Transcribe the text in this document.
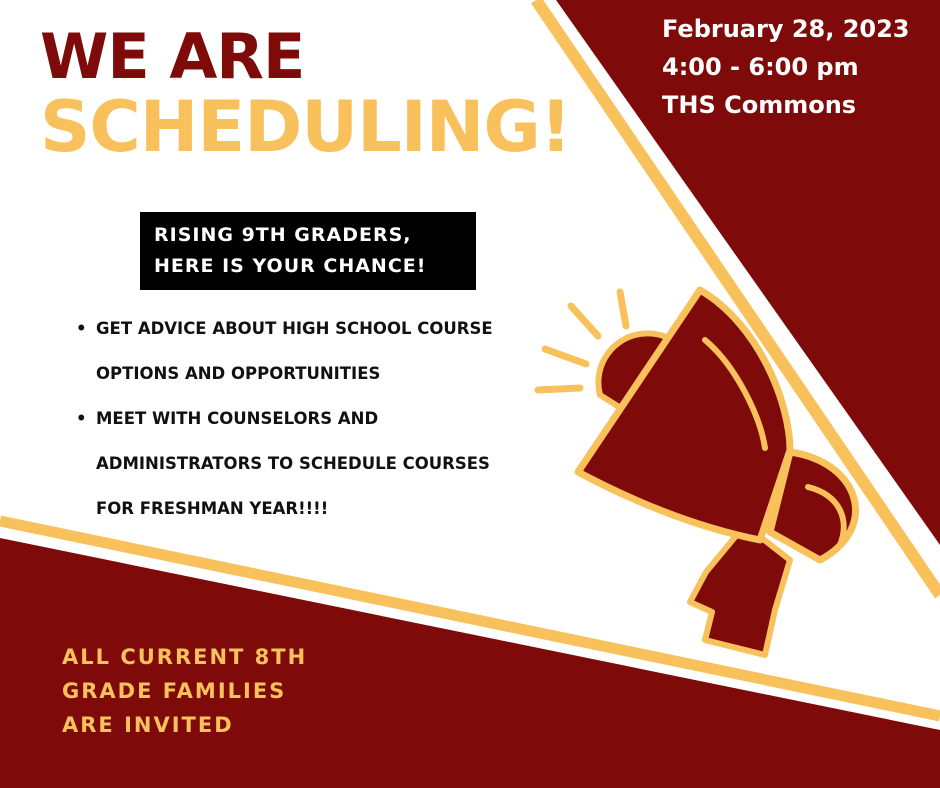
WE ARE
SCHEDULING!
February 28, 2023
4:00 - 6:00 pm
THS Commons
RISING 9TH GRADERS,
HERE IS YOUR CHANCE!
• GET ADVICE ABOUT HIGH SCHOOL COURSE
OPTIONS AND OPPORTUNITIES
• MEET WITH COUNSELORS AND
ADMINISTRATORS TO SCHEDULE COURSES
FOR FRESHMAN YEAR!!!!
ALL CURRENT 8TH
GRADE FAMILIES
ARE INVITED
